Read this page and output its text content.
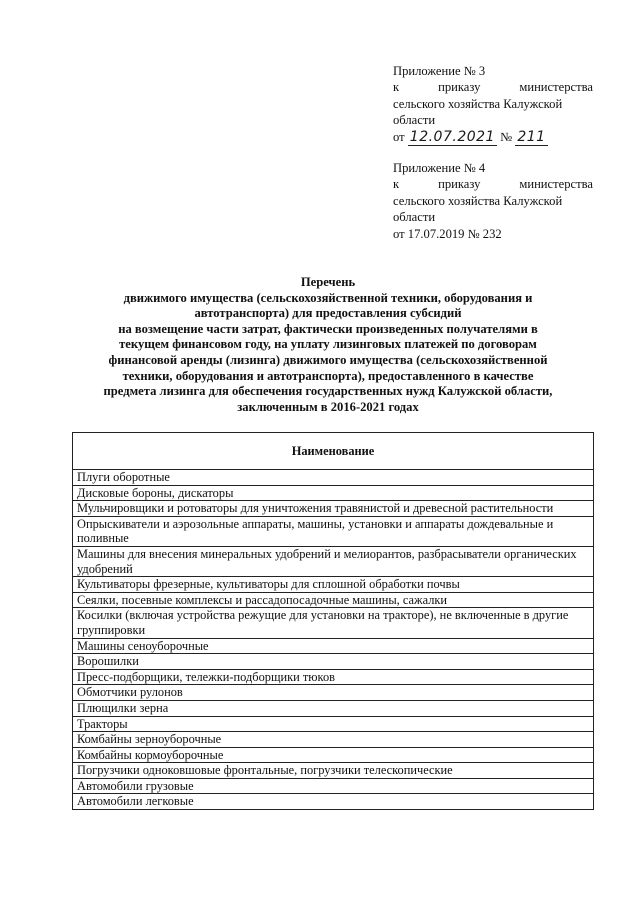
Приложение № 3
к приказу министерства
сельского хозяйства Калужской
области
от 12.07.2021 № 211
Приложение № 4
к приказу министерства
сельского хозяйства Калужской
области
от 17.07.2019 № 232
Перечень
движимого имущества (сельскохозяйственной техники, оборудования и
автотранспорта) для предоставления субсидий
на возмещение части затрат, фактически произведенных получателями в
текущем финансовом году, на уплату лизинговых платежей по договорам
финансовой аренды (лизинга) движимого имущества (сельскохозяйственной
техники, оборудования и автотранспорта), предоставленного в качестве
предмета лизинга для обеспечения государственных нужд Калужской области,
заключенным в 2016-2021 годах
Наименование
Плуги оборотные
Дисковые бороны, дискаторы
Мульчировщики и ротоваторы для уничтожения травянистой и древесной растительности
Опрыскиватели и аэрозольные аппараты, машины, установки и аппараты дождевальные и поливные
Машины для внесения минеральных удобрений и мелиорантов, разбрасыватели органических удобрений
Культиваторы фрезерные, культиваторы для сплошной обработки почвы
Сеялки, посевные комплексы и рассадопосадочные машины, сажалки
Косилки (включая устройства режущие для установки на тракторе), не включенные в другие группировки
Машины сеноуборочные
Ворошилки
Пресс-подборщики, тележки-подборщики тюков
Обмотчики рулонов
Плющилки зерна
Тракторы
Комбайны зерноуборочные
Комбайны кормоуборочные
Погрузчики одноковшовые фронтальные, погрузчики телескопические
Автомобили грузовые
Автомобили легковые
